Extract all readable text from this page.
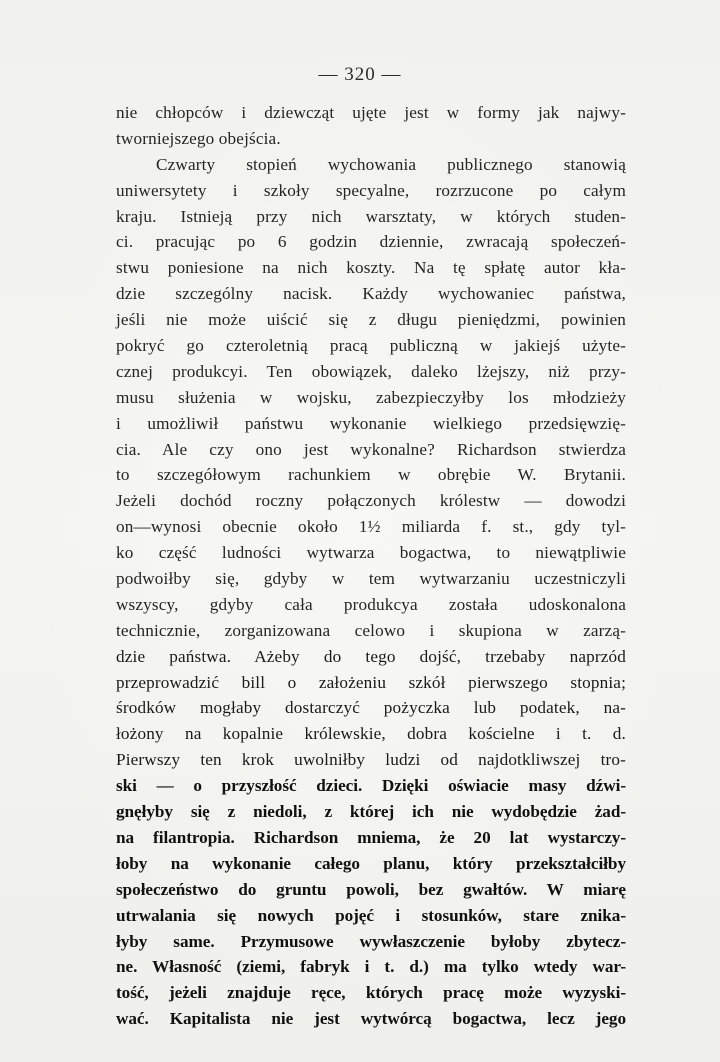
— 320 —
nie chłopców i dziewcząt ujęte jest w formy jak najwy-
tworniejszego obejścia.
Czwarty stopień wychowania publicznego stanowią
uniwersytety i szkoły specyalne, rozrzucone po całym
kraju. Istnieją przy nich warsztaty, w których studen-
ci. pracując po 6 godzin dziennie, zwracają społeczeń-
stwu poniesione na nich koszty. Na tę spłatę autor kła-
dzie szczególny nacisk. Każdy wychowaniec państwa,
jeśli nie może uiścić się z długu pieniędzmi, powinien
pokryć go czteroletnią pracą publiczną w jakiejś użyte-
cznej produkcyi. Ten obowiązek, daleko lżejszy, niż przy-
musu służenia w wojsku, zabezpieczyłby los młodzieży
i umożliwił państwu wykonanie wielkiego przedsięwzię-
cia. Ale czy ono jest wykonalne? Richardson stwierdza
to szczegółowym rachunkiem w obrębie W. Brytanii.
Jeżeli dochód roczny połączonych królestw — dowodzi
on—wynosi obecnie około 1½ miliarda f. st., gdy tyl-
ko część ludności wytwarza bogactwa, to niewątpliwie
podwoiłby się, gdyby w tem wytwarzaniu uczestniczyli
wszyscy, gdyby cała produkcya została udoskonalona
technicznie, zorganizowana celowo i skupiona w zarzą-
dzie państwa. Ażeby do tego dojść, trzebaby naprzód
przeprowadzić bill o założeniu szkół pierwszego stopnia;
środków mogłaby dostarczyć pożyczka lub podatek, na-
łożony na kopalnie królewskie, dobra kościelne i t. d.
Pierwszy ten krok uwolniłby ludzi od najdotkliwszej tro-
ski — o przyszłość dzieci. Dzięki oświacie masy dźwi-
gnęłyby się z niedoli, z której ich nie wydobędzie żad-
na filantropia. Richardson mniema, że 20 lat wystarczy-
łoby na wykonanie całego planu, który przekształciłby
społeczeństwo do gruntu powoli, bez gwałtów. W miarę
utrwalania się nowych pojęć i stosunków, stare znika-
łyby same. Przymusowe wywłaszczenie byłoby zbytecz-
ne. Własność (ziemi, fabryk i t. d.) ma tylko wtedy war-
tość, jeżeli znajduje ręce, których pracę może wyzyski-
wać. Kapitalista nie jest wytwórcą bogactwa, lecz jego
